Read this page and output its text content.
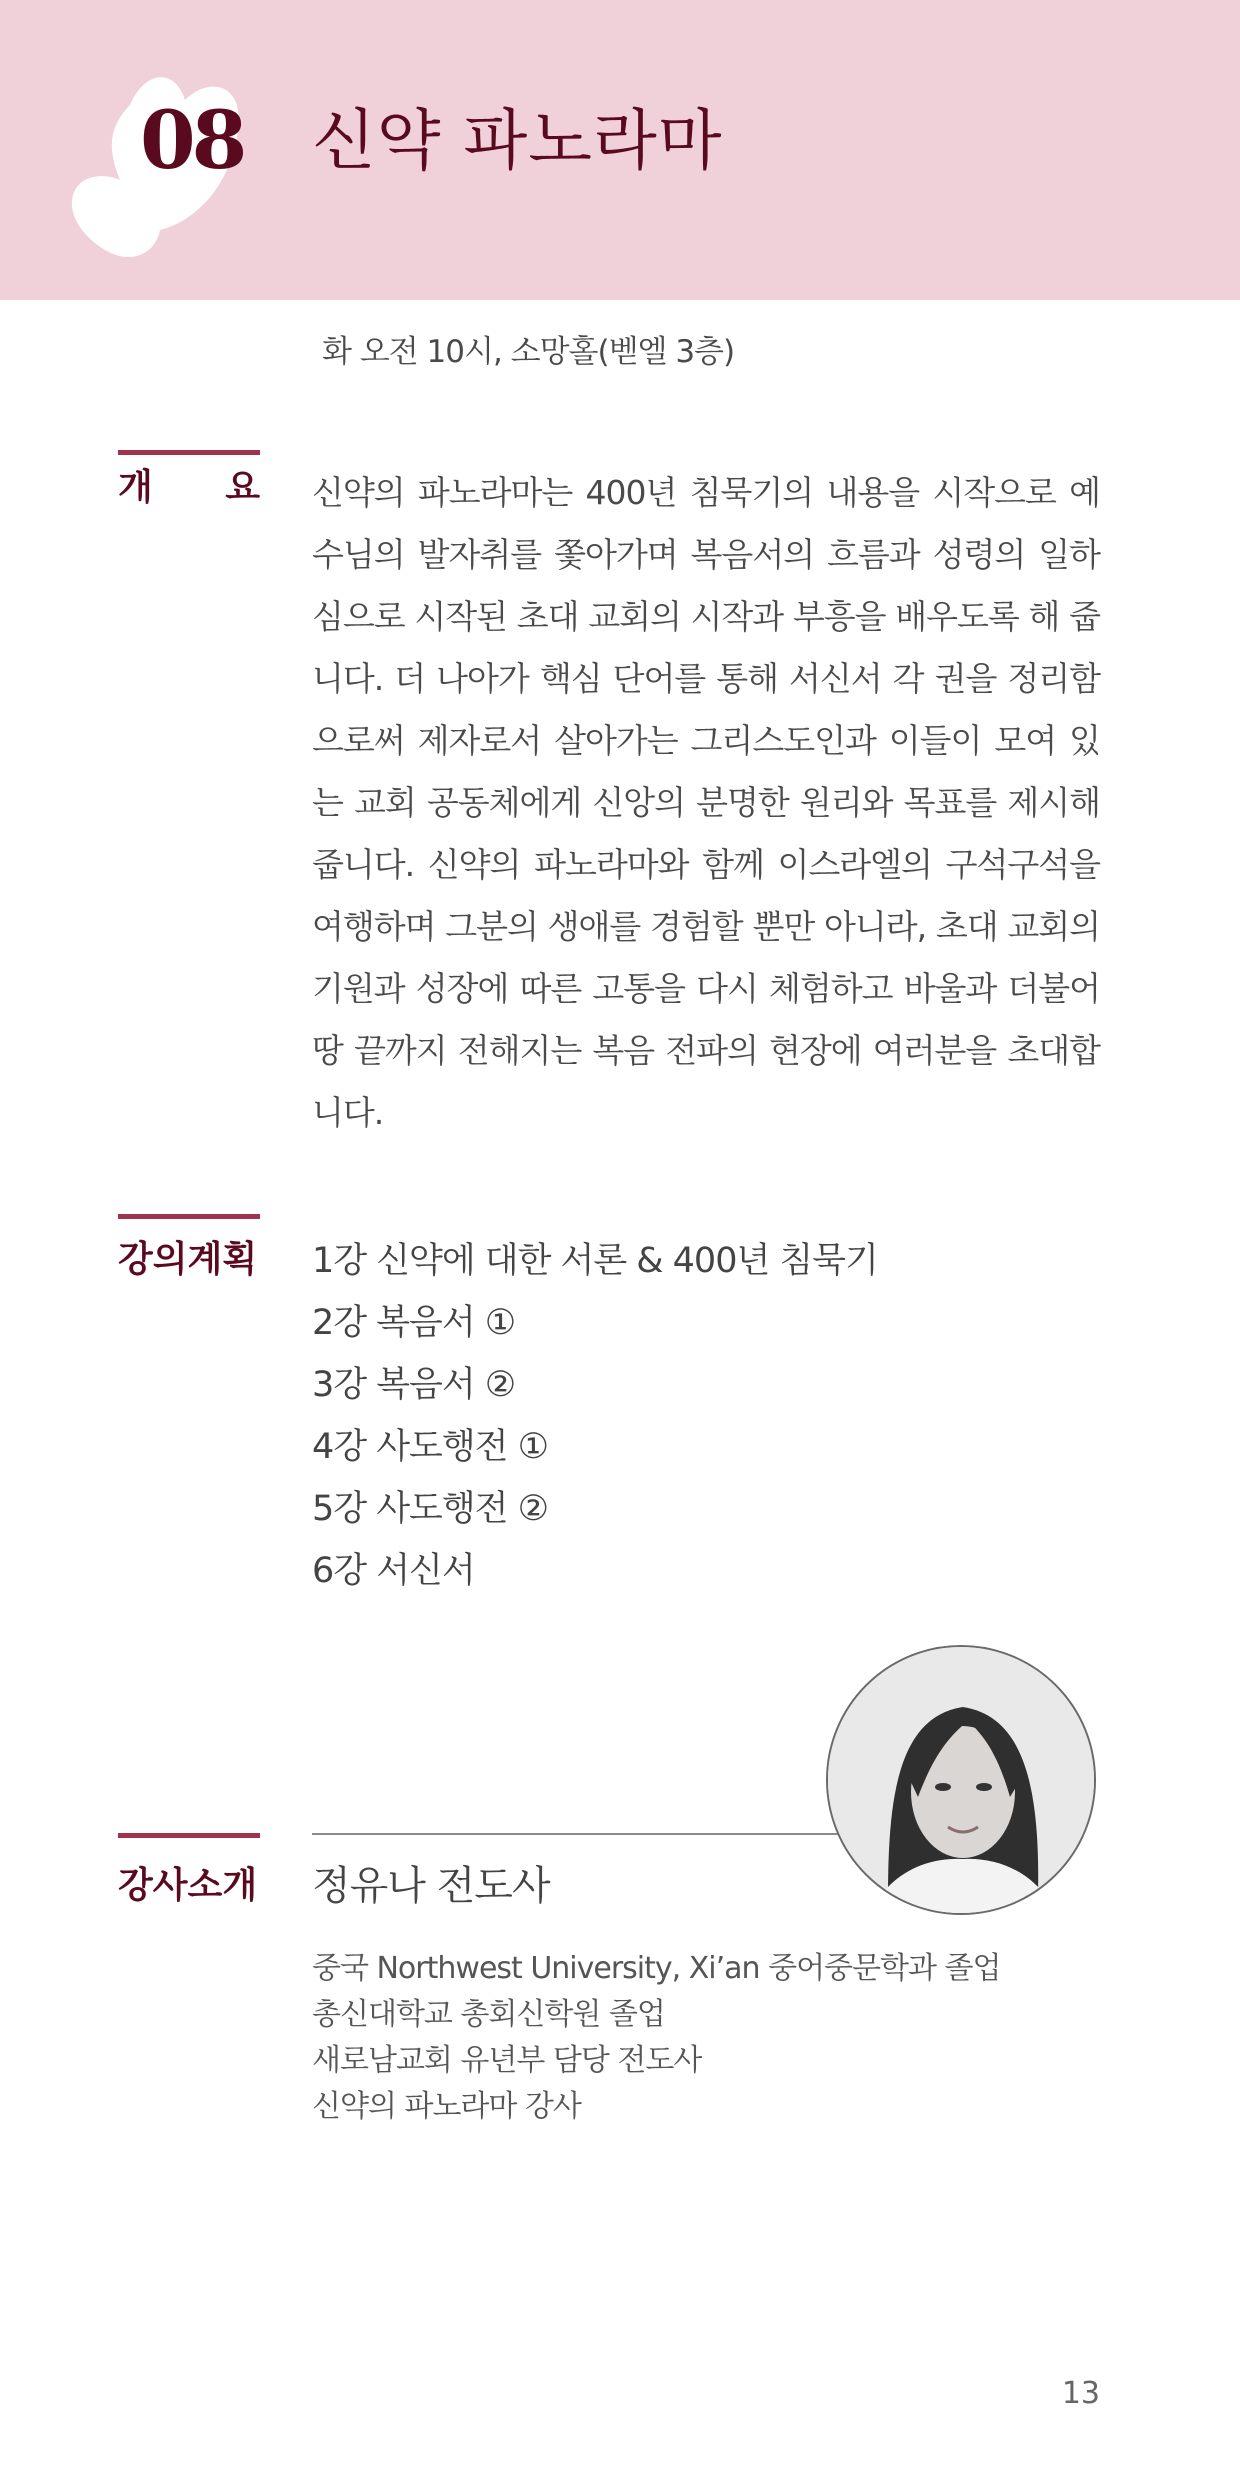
08 신약 파노라마
화 오전 10시, 소망홀(벧엘 3층)
개 요 신약의 파노라마는 400년 침묵기의 내용을 시작으로 예수님의 발자취를 쫓아가며 복음서의 흐름과 성령의 일하심으로 시작된 초대 교회의 시작과 부흥을 배우도록 해 줍니다. 더 나아가 핵심 단어를 통해 서신서 각 권을 정리함으로써 제자로서 살아가는 그리스도인과 이들이 모여 있는 교회 공동체에게 신앙의 분명한 원리와 목표를 제시해줍니다. 신약의 파노라마와 함께 이스라엘의 구석구석을 여행하며 그분의 생애를 경험할 뿐만 아니라, 초대 교회의 기원과 성장에 따른 고통을 다시 체험하고 바울과 더불어 땅 끝까지 전해지는 복음 전파의 현장에 여러분을 초대합니다.

강의계획 1강 신약에 대한 서론 & 400년 침묵기
2강 복음서 ①
3강 복음서 ②
4강 사도행전 ①
5강 사도행전 ②
6강 서신서
강사소개 정유나 전도사
중국 Northwest University, Xi’an 중어중문학과 졸업
총신대학교 총회신학원 졸업
새로남교회 유년부 담당 전도사
신약의 파노라마 강사
13
